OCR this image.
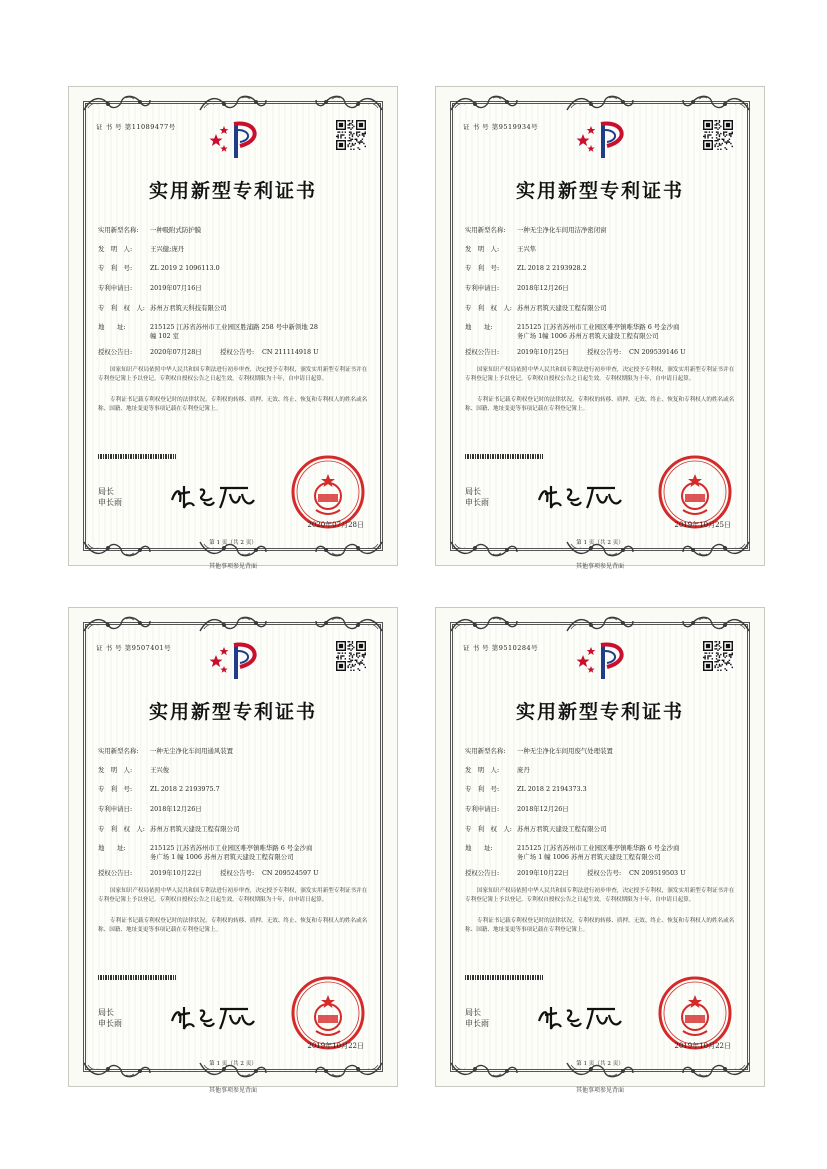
证 书 号 第11089477号
实用新型专利证书
实用新型名称: 一种吸附式防护膜
发　明　人:	王兴健;庞丹
专　利　号:	ZL 2019 2 1096113.0
专利申请日:	2019年07月16日
专　利　权　人: 苏州万君筑天科技有限公司
地　　址:	215125 江苏省苏州市工业园区胜浦路 258 号中新领地 28 幢 102 室
授权公告日:	2020年07月28日	授权公告号: CN 211114918 U
国家知识产权局依照中华人民共和国专利法进行初步审查，决定授予专利权，颁发实用新型专利证书并在专利登记簿上予以登记。专利权自授权公告之日起生效。专利权期限为十年，自申请日起算。
专利证书记载专利权登记时的法律状况。专利权的转移、质押、无效、终止、恢复和专利权人的姓名或名称、国籍、地址变更等事项记载在专利登记簿上。
局长
申长雨
2020年07月28日
第 1 页（共 2 页）
其他事项参见背面
证 书 号 第9519934号
实用新型专利证书
实用新型名称: 一种无尘净化车间用洁净密闭窗
发　明　人:	王兴隼
专　利　号:	ZL 2018 2 2193928.2
专利申请日:	2018年12月26日
专　利　权　人: 苏州万君筑天建设工程有限公司
地　　址:	215125 江苏省苏州市工业园区唯亭镇唯华路 6 号金沙商务广场 1幢 1006 苏州万君筑天建设工程有限公司
授权公告日:	2019年10月25日	授权公告号: CN 209539146 U
国家知识产权局依照中华人民共和国专利法进行初步审查，决定授予专利权，颁发实用新型专利证书并在专利登记簿上予以登记。专利权自授权公告之日起生效。专利权期限为十年，自申请日起算。
专利证书记载专利权登记时的法律状况。专利权的转移、质押、无效、终止、恢复和专利权人的姓名或名称、国籍、地址变更等事项记载在专利登记簿上。
局长
申长雨
2019年10月25日
第 1 页（共 2 页）
其他事项参见背面
证 书 号 第9507401号
实用新型专利证书
实用新型名称: 一种无尘净化车间用通风装置
发　明　人:	王兴俊
专　利　号:	ZL 2018 2 2193975.7
专利申请日:	2018年12月26日
专　利　权　人: 苏州万君筑天建设工程有限公司
地　　址:	215125 江苏省苏州市工业园区唯亭镇唯华路 6 号金沙商务广场 1 幢 1006 苏州万君筑天建设工程有限公司
授权公告日:	2019年10月22日	授权公告号: CN 209524597 U
国家知识产权局依照中华人民共和国专利法进行初步审查，决定授予专利权，颁发实用新型专利证书并在专利登记簿上予以登记。专利权自授权公告之日起生效。专利权期限为十年，自申请日起算。
专利证书记载专利权登记时的法律状况。专利权的转移、质押、无效、终止、恢复和专利权人的姓名或名称、国籍、地址变更等事项记载在专利登记簿上。
局长
申长雨
2019年10月22日
第 1 页（共 2 页）
其他事项参见背面
证 书 号 第9510284号
实用新型专利证书
实用新型名称: 一种无尘净化车间用废气处理装置
发　明　人:	庞丹
专　利　号:	ZL 2018 2 2194373.3
专利申请日:	2018年12月26日
专　利　权　人: 苏州万君筑天建设工程有限公司
地　　址:	215125 江苏省苏州市工业园区唯亭镇唯华路 6 号金沙商务广场 1 幢 1006 苏州万君筑天建设工程有限公司
授权公告日:	2019年10月22日	授权公告号: CN 209519503 U
国家知识产权局依照中华人民共和国专利法进行初步审查，决定授予专利权，颁发实用新型专利证书并在专利登记簿上予以登记。专利权自授权公告之日起生效。专利权期限为十年，自申请日起算。
专利证书记载专利权登记时的法律状况。专利权的转移、质押、无效、终止、恢复和专利权人的姓名或名称、国籍、地址变更等事项记载在专利登记簿上。
局长
申长雨
2019年10月22日
第 1 页（共 2 页）
其他事项参见背面
